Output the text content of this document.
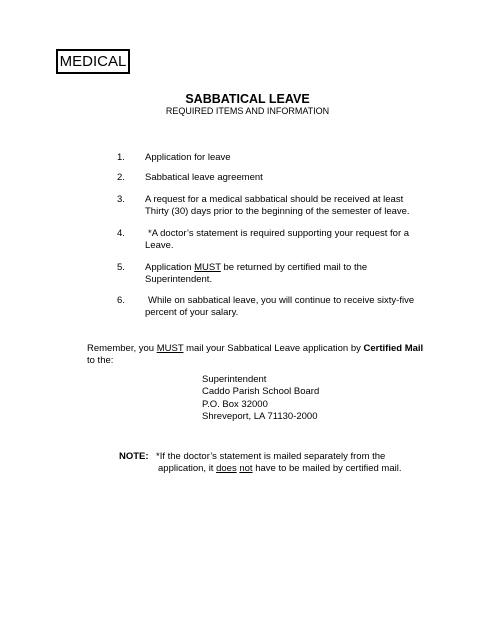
MEDICAL
SABBATICAL LEAVE
REQUIRED ITEMS AND INFORMATION
1.	Application for leave
2.	Sabbatical leave agreement
3.	A request for a medical sabbatical should be received at least
Thirty (30) days prior to the beginning of the semester of leave.
4.	*A doctor’s statement is required supporting your request for a
Leave.
5.	Application MUST be returned by certified mail to the
Superintendent.
6.	While on sabbatical leave, you will continue to receive sixty-five
percent of your salary.
Remember, you MUST mail your Sabbatical Leave application by Certified Mail
to the:
Superintendent
Caddo Parish School Board
P.O. Box 32000
Shreveport, LA 71130-2000
NOTE: *If the doctor’s statement is mailed separately from the
application, it does not have to be mailed by certified mail.
